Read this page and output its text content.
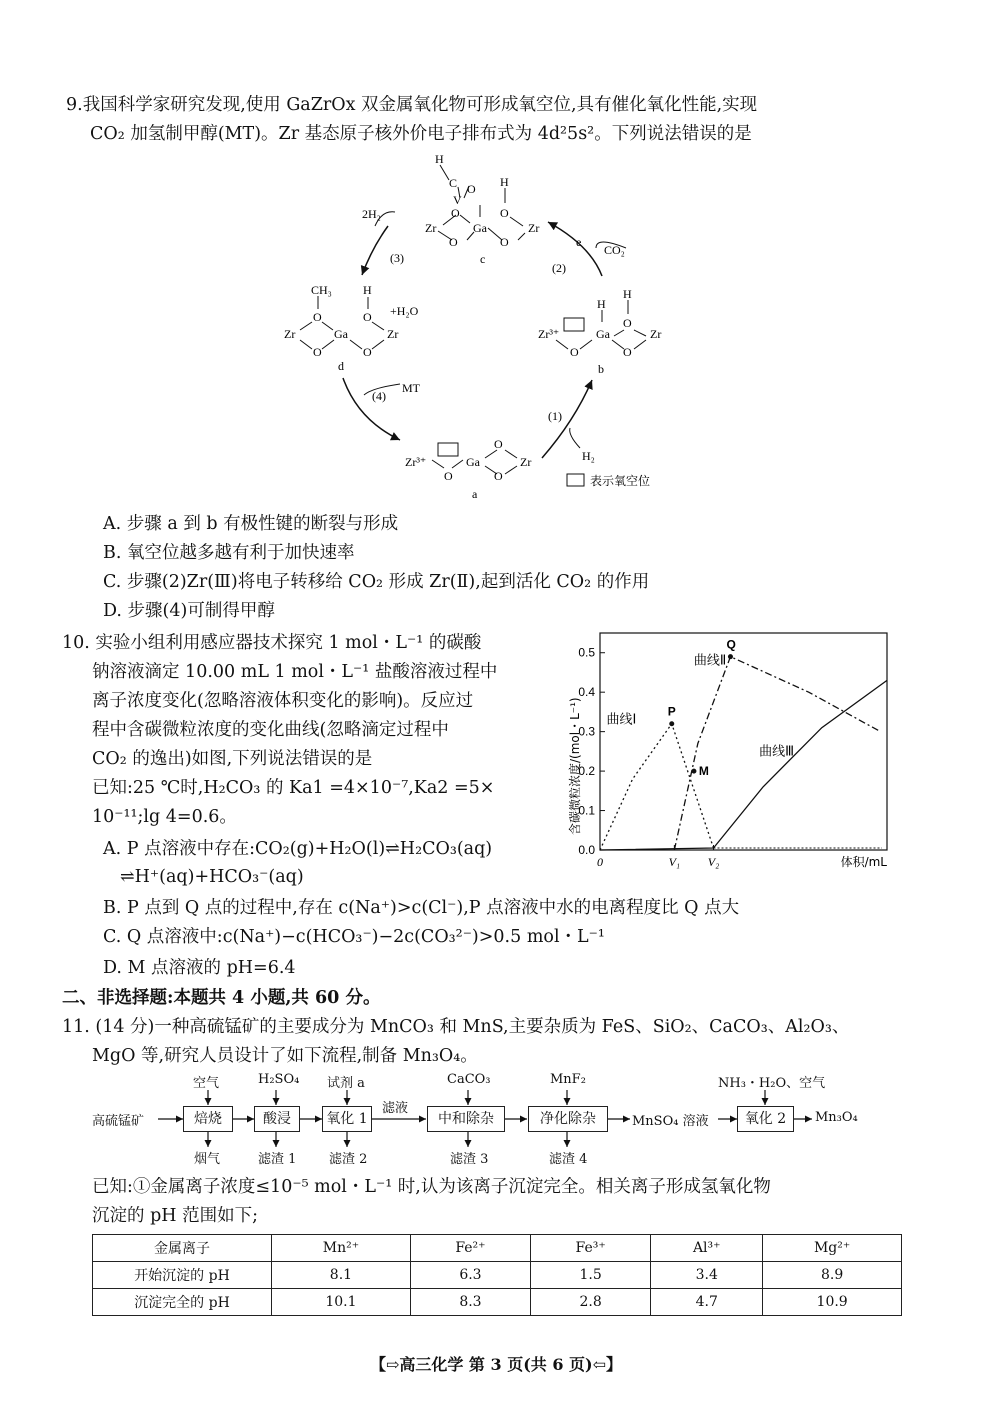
9.我国科学家研究发现,使用 GaZrOx 双金属氧化物可形成氧空位,具有催化氧化性能,实现
CO₂ 加氢制甲醇(MT)。Zr 基态原子核外价电子排布式为 4d²5s²。下列说法错误的是
H
C
V
O H
O	O
Zr	Ga	Zr
O	O
c
CH₃	H
+H₂O
O	O
Zr	Ga	Zr
O	O
d
H
H
O
Zr³⁺	Ga	Zr
O	O
b
Zr³⁺	Ga	Zr
O
O	O
a
2H₂
(3)
(4)
MT
(1)
H₂
(2)
e
CO₂
表示氧空位
A. 步骤 a 到 b 有极性键的断裂与形成
B. 氧空位越多越有利于加快速率
C. 步骤(2)Zr(Ⅲ)将电子转移给 CO₂ 形成 Zr(Ⅱ),起到活化 CO₂ 的作用
D. 步骤(4)可制得甲醇
10. 实验小组利用感应器技术探究 1 mol・L⁻¹ 的碳酸
钠溶液滴定 10.00 mL 1 mol・L⁻¹ 盐酸溶液过程中
离子浓度变化(忽略溶液体积变化的影响)。反应过
程中含碳微粒浓度的变化曲线(忽略滴定过程中
CO₂ 的逸出)如图,下列说法错误的是
已知:25 ℃时,H₂CO₃ 的 Ka1 =4×10⁻⁷,Ka2 =5×
10⁻¹¹;lg 4=0.6。
A. P 点溶液中存在:CO₂(g)+H₂O(l)⇌H₂CO₃(aq)
⇌H⁺(aq)+HCO₃⁻(aq)
B. P 点到 Q 点的过程中,存在 c(Na⁺)>c(Cl⁻),P 点溶液中水的电离程度比 Q 点大
C. Q 点溶液中:c(Na⁺)−c(HCO₃⁻)−2c(CO₃²⁻)>0.5 mol・L⁻¹
D. M 点溶液的 pH=6.4
0.0
0.1
0.2
0.3
0.4
0.5
0	V₁ V₂	体积/mL
含碳微粒浓度/(mol・L⁻¹) 曲线Ⅰ
曲线Ⅱ
曲线Ⅲ
P
Q
M
二、非选择题:本题共 4 小题,共 60 分。
11. (14 分)一种高硫锰矿的主要成分为 MnCO₃ 和 MnS,主要杂质为 FeS、SiO₂、CaCO₃、Al₂O₃、
MgO 等,研究人员设计了如下流程,制备 Mn₃O₄。
高硫锰矿	焙烧	酸浸	氧化 1	中和除杂	净化除杂	氧化 2
空气	H₂SO₄ 试剂 a	CaCO₃	MnF₂	NH₃・H₂O、空气
滤液
MnSO₄ 溶液	Mn₃O₄
烟气	滤渣 1	滤渣 2	滤渣 3	滤渣 4
已知:①金属离子浓度≤10⁻⁵ mol・L⁻¹ 时,认为该离子沉淀完全。相关离子形成氢氧化物
沉淀的 pH 范围如下;
金属离子	Mn²⁺	Fe²⁺	Fe³⁺	Al³⁺	Mg²⁺
开始沉淀的 pH	8.1	6.3	1.5	3.4	8.9
沉淀完全的 pH	10.1	8.3	2.8	4.7	10.9
【⇨高三化学 第 3 页(共 6 页)⇦】
